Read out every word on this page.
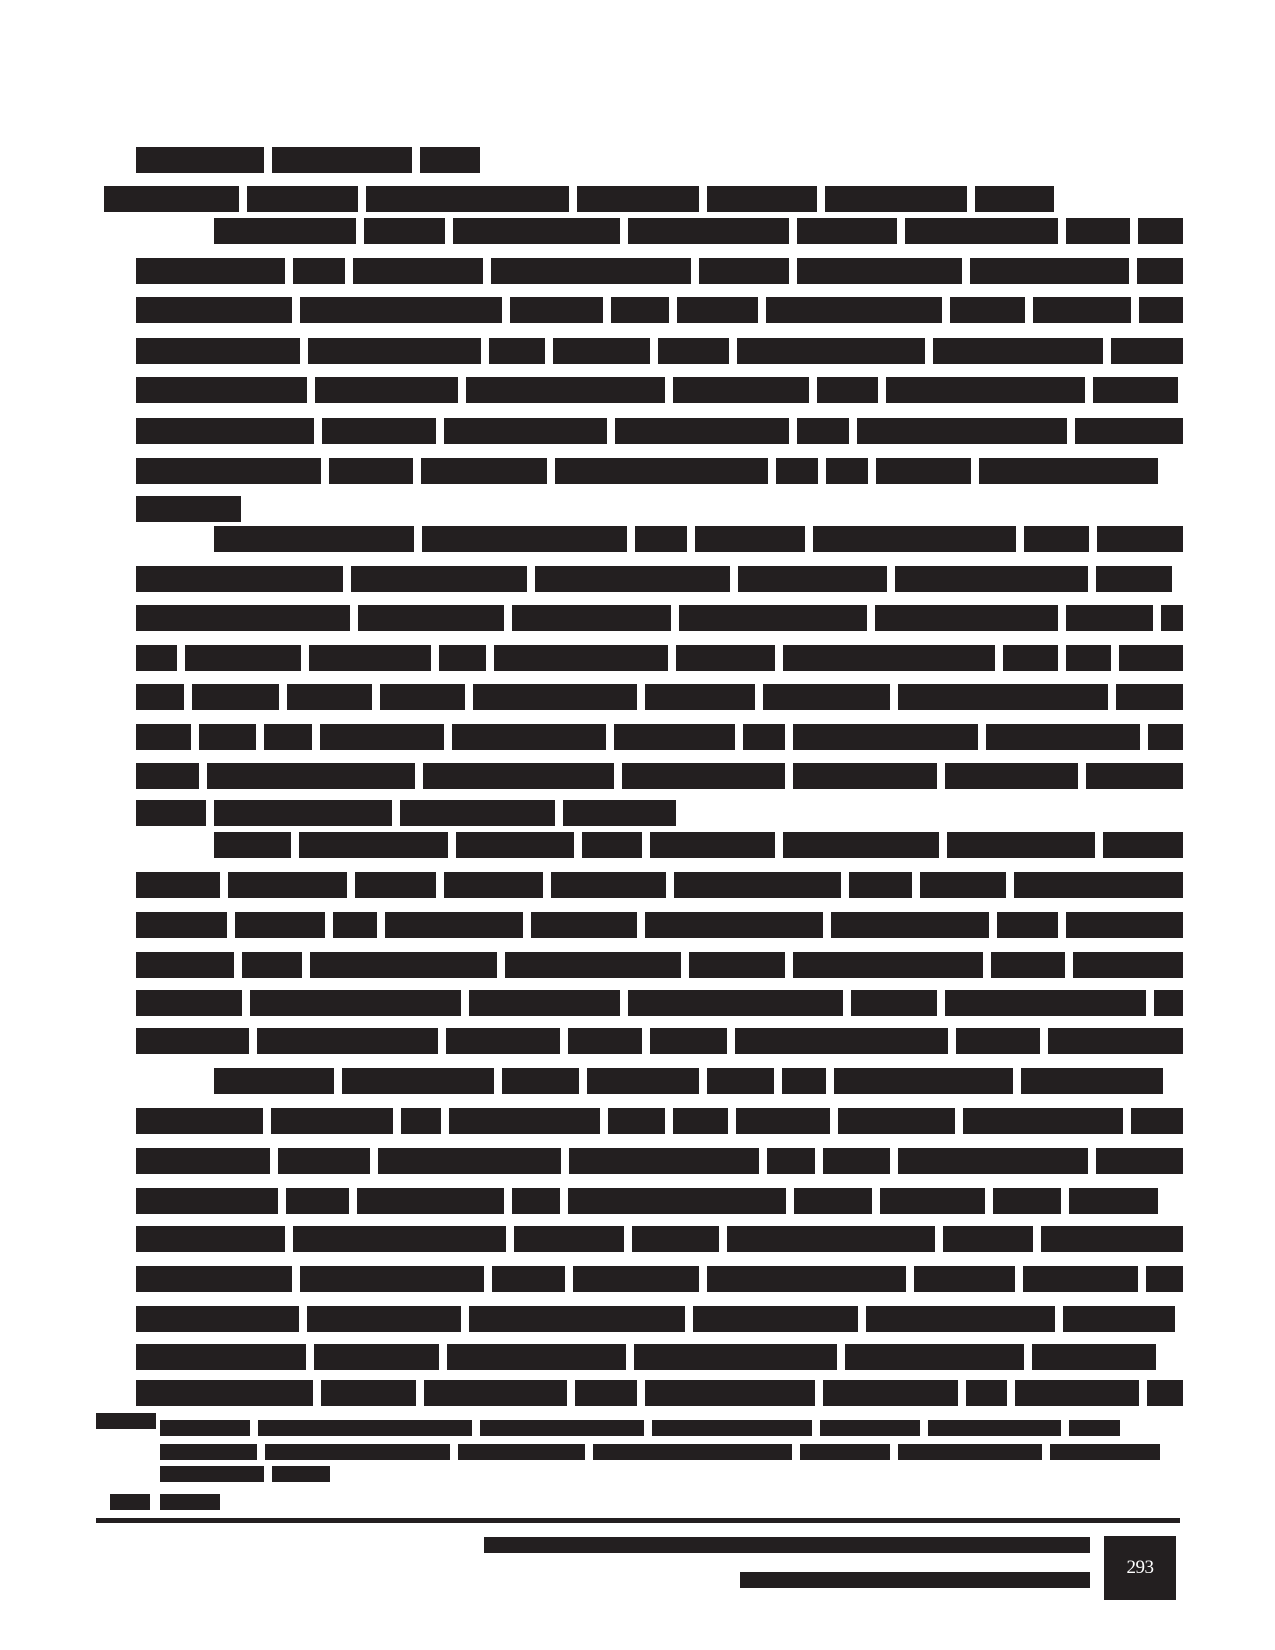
293
